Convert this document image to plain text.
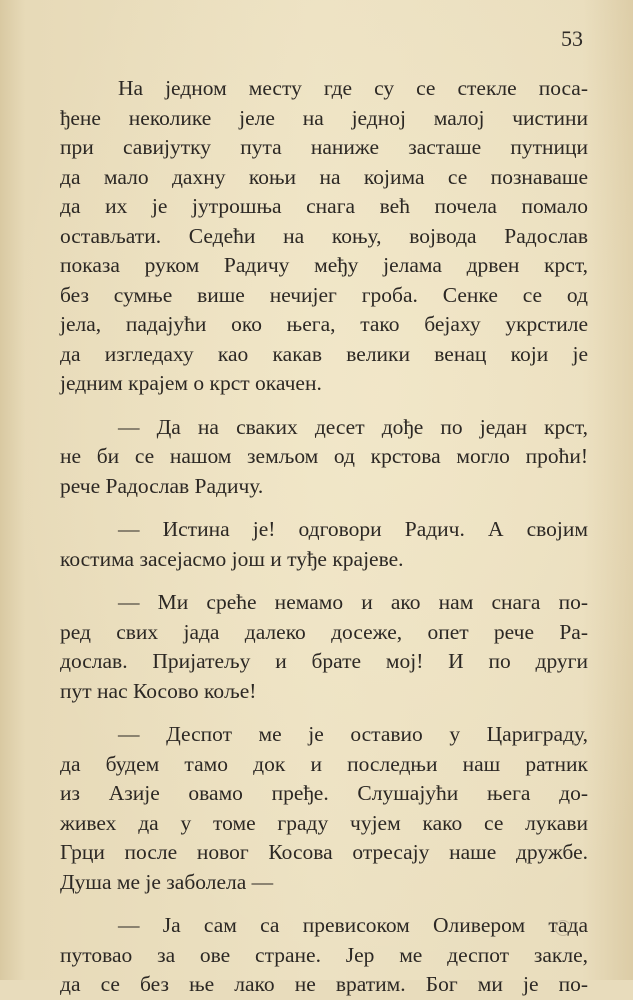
53
На једном месту где су се стекле поса-
ђене неколике јеле на једној малој чистини
при савијутку пута наниже засташе путници
да мало дахну коњи на којима се познаваше
да их је јутрошња снага већ почела помало
остављати. Седећи на коњу, војвода Радослав
показа руком Радичу међу јелама дрвен крст,
без сумње више нечијег гроба. Сенке се од
јела, падајући око њега, тако бејаху укрстиле
да изгледаху као какав велики венац који је
једним крајем о крст окачен.
— Да на свакиx десет дође по један крст,
не би се нашом земљом од крстова могло проћи!
рече Радослав Радичу.
— Истина је! одговори Радич. А својим
костима засејасмо још и туђе крајеве.
— Ми среће немамо и ако нам снага по-
ред свих јада далеко досеже, опет рече Ра-
дослав. Пријатељу и брате мој! И по други
пут нас Косово коље!
— Деспот ме је оставио у Цариграду,
да будем тамо док и последњи наш ратник
из Азије овамо пређе. Слушајући њега до-
живех да у томе граду чујем како се лукави
Грци после новог Косова отресају наше дружбе.
Душа ме је заболела —
— Ја сам са превисоком Оливером тада
путовао за ове стране. Јер ме деспот закле,
да се без ње лако не вратим. Бог ми је по-
